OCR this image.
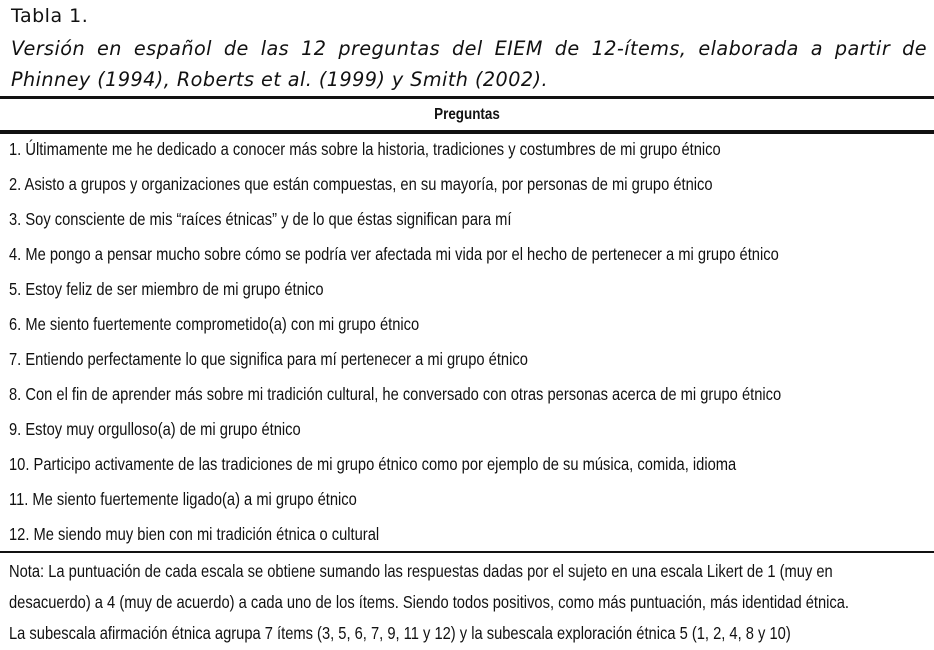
Tabla 1.

Versión en español de las 12 preguntas del EIEM de 12-ítems, elaborada a partir de Phinney (1994), Roberts et al. (1999) y Smith (2002).

Preguntas
1. Últimamente me he dedicado a conocer más sobre la historia, tradiciones y costumbres de mi grupo étnico
2. Asisto a grupos y organizaciones que están compuestas, en su mayoría, por personas de mi grupo étnico
3. Soy consciente de mis “raíces étnicas” y de lo que éstas significan para mí
4. Me pongo a pensar mucho sobre cómo se podría ver afectada mi vida por el hecho de pertenecer a mi grupo étnico
5. Estoy feliz de ser miembro de mi grupo étnico
6. Me siento fuertemente comprometido(a) con mi grupo étnico
7. Entiendo perfectamente lo que significa para mí pertenecer a mi grupo étnico
8. Con el fin de aprender más sobre mi tradición cultural, he conversado con otras personas acerca de mi grupo étnico
9. Estoy muy orgulloso(a) de mi grupo étnico
10. Participo activamente de las tradiciones de mi grupo étnico como por ejemplo de su música, comida, idioma
11. Me siento fuertemente ligado(a) a mi grupo étnico
12. Me siendo muy bien con mi tradición étnica o cultural
Nota: La puntuación de cada escala se obtiene sumando las respuestas dadas por el sujeto en una escala Likert de 1 (muy en
desacuerdo) a 4 (muy de acuerdo) a cada uno de los ítems. Siendo todos positivos, como más puntuación, más identidad étnica.
La subescala afirmación étnica agrupa 7 ítems (3, 5, 6, 7, 9, 11 y 12) y la subescala exploración étnica 5 (1, 2, 4, 8 y 10)
